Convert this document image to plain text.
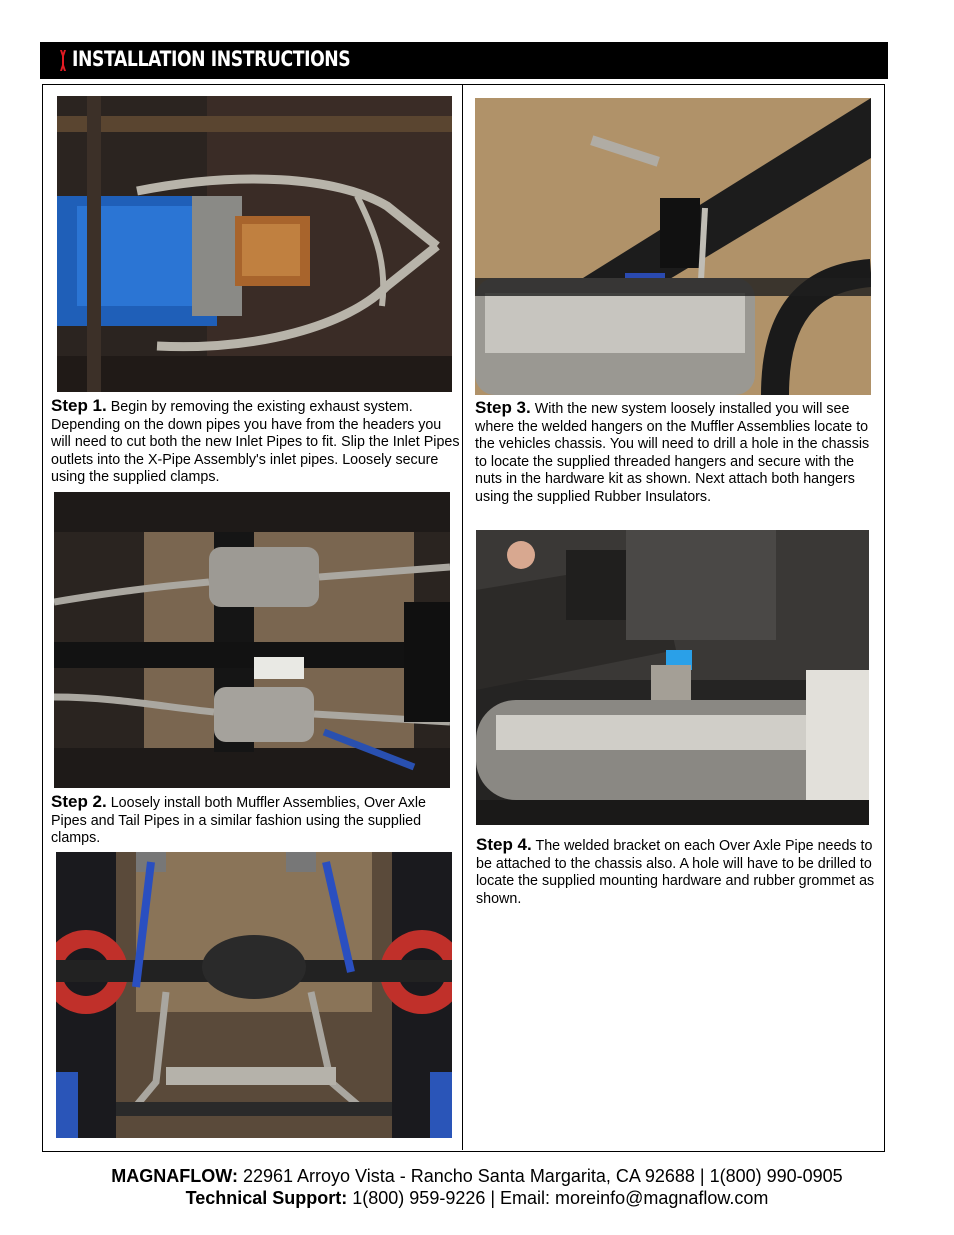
INSTALLATION INSTRUCTIONS
Step 1. Begin by removing the existing exhaust system. Depending on the down pipes you have from the headers you will need to cut both the new Inlet Pipes to fit. Slip the Inlet Pipes outlets into the X-Pipe Assembly's inlet pipes. Loosely secure using the supplied clamps.
Step 2. Loosely install both Muffler Assemblies, Over Axle Pipes and Tail Pipes in a similar fashion using the supplied clamps.
Step 3. With the new system loosely installed you will see where the welded hangers on the Muffler Assemblies locate to the vehicles chassis. You will need to drill a hole in the chassis to locate the supplied threaded hangers and secure with the nuts in the hardware kit as shown. Next attach both hangers using the supplied Rubber Insulators.
Step 4. The welded bracket on each Over Axle Pipe needs to be attached to the chassis also. A hole will have to be drilled to locate the supplied mounting hardware and rubber grommet as shown.
MAGNAFLOW: 22961 Arroyo Vista - Rancho Santa Margarita, CA 92688 | 1(800) 990-0905
Technical Support: 1(800) 959-9226 | Email: moreinfo@magnaflow.com
